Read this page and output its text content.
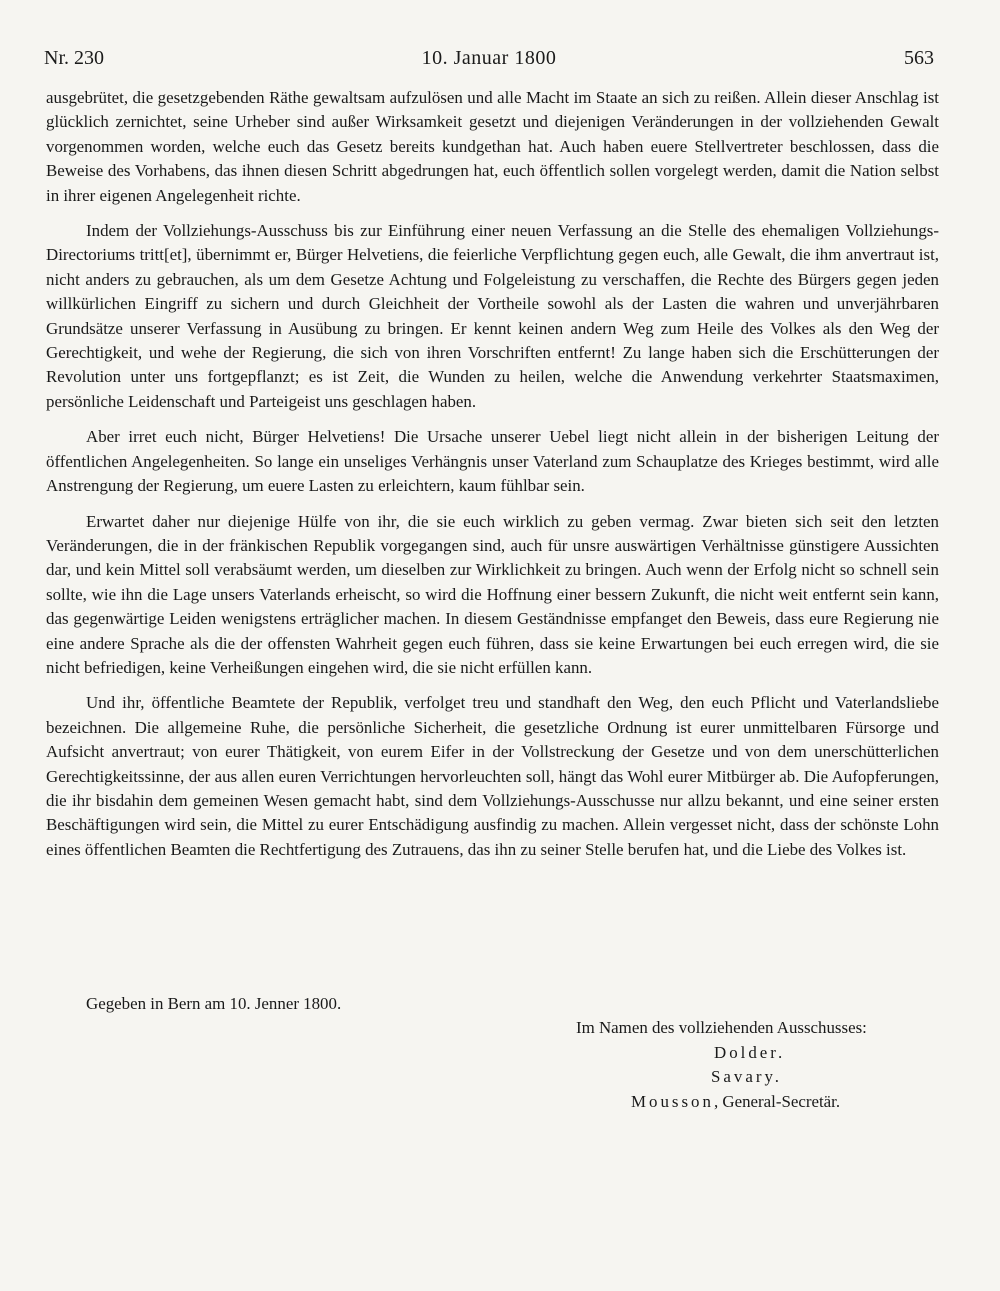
Nr. 230	10. Januar 1800	563

ausgebrütet, die gesetzgebenden Räthe gewaltsam aufzulösen und alle Macht im Staate an sich zu reißen. Allein dieser Anschlag ist glücklich zernichtet, seine Urheber sind außer Wirksamkeit gesetzt und diejenigen Veränderungen in der vollziehenden Gewalt vorgenommen worden, welche euch das Gesetz bereits kundgethan hat. Auch haben euere Stellvertreter beschlossen, dass die Beweise des Vorhabens, das ihnen diesen Schritt abgedrungen hat, euch öffentlich sollen vorgelegt werden, damit die Nation selbst in ihrer eigenen Angelegenheit richte.

Indem der Vollziehungs-Ausschuss bis zur Einführung einer neuen Verfassung an die Stelle des ehemaligen Vollziehungs-Directoriums tritt[et], übernimmt er, Bürger Helvetiens, die feierliche Verpflichtung gegen euch, alle Gewalt, die ihm anvertraut ist, nicht anders zu gebrauchen, als um dem Gesetze Achtung und Folgeleistung zu verschaffen, die Rechte des Bürgers gegen jeden willkürlichen Eingriff zu sichern und durch Gleichheit der Vortheile sowohl als der Lasten die wahren und unverjährbaren Grundsätze unserer Verfassung in Ausübung zu bringen. Er kennt keinen andern Weg zum Heile des Volkes als den Weg der Gerechtigkeit, und wehe der Regierung, die sich von ihren Vorschriften entfernt! Zu lange haben sich die Erschütterungen der Revolution unter uns fortgepflanzt; es ist Zeit, die Wunden zu heilen, welche die Anwendung verkehrter Staatsmaximen, persönliche Leidenschaft und Parteigeist uns geschlagen haben.

Aber irret euch nicht, Bürger Helvetiens! Die Ursache unserer Uebel liegt nicht allein in der bisherigen Leitung der öffentlichen Angelegenheiten. So lange ein unseliges Verhängnis unser Vaterland zum Schauplatze des Krieges bestimmt, wird alle Anstrengung der Regierung, um euere Lasten zu erleichtern, kaum fühlbar sein.

Erwartet daher nur diejenige Hülfe von ihr, die sie euch wirklich zu geben vermag. Zwar bieten sich seit den letzten Veränderungen, die in der fränkischen Republik vorgegangen sind, auch für unsre auswärtigen Verhältnisse günstigere Aussichten dar, und kein Mittel soll verabsäumt werden, um dieselben zur Wirklichkeit zu bringen. Auch wenn der Erfolg nicht so schnell sein sollte, wie ihn die Lage unsers Vaterlands erheischt, so wird die Hoffnung einer bessern Zukunft, die nicht weit entfernt sein kann, das gegenwärtige Leiden wenigstens erträglicher machen. In diesem Geständnisse empfanget den Beweis, dass eure Regierung nie eine andere Sprache als die der offensten Wahrheit gegen euch führen, dass sie keine Erwartungen bei euch erregen wird, die sie nicht befriedigen, keine Verheißungen eingehen wird, die sie nicht erfüllen kann.

Und ihr, öffentliche Beamtete der Republik, verfolget treu und standhaft den Weg, den euch Pflicht und Vaterlandsliebe bezeichnen. Die allgemeine Ruhe, die persönliche Sicherheit, die gesetzliche Ordnung ist eurer unmittelbaren Fürsorge und Aufsicht anvertraut; von eurer Thätigkeit, von eurem Eifer in der Vollstreckung der Gesetze und von dem unerschütterlichen Gerechtigkeitssinne, der aus allen euren Verrichtungen hervorleuchten soll, hängt das Wohl eurer Mitbürger ab. Die Aufopferungen, die ihr bisdahin dem gemeinen Wesen gemacht habt, sind dem Vollziehungs-Ausschusse nur allzu bekannt, und eine seiner ersten Beschäftigungen wird sein, die Mittel zu eurer Entschädigung ausfindig zu machen. Allein vergesset nicht, dass der schönste Lohn eines öffentlichen Beamten die Rechtfertigung des Zutrauens, das ihn zu seiner Stelle berufen hat, und die Liebe des Volkes ist.

Gegeben in Bern am 10. Jenner 1800.
Im Namen des vollziehenden Ausschusses:
Dolder.
Savary.
Mousson, General-Secretär.
